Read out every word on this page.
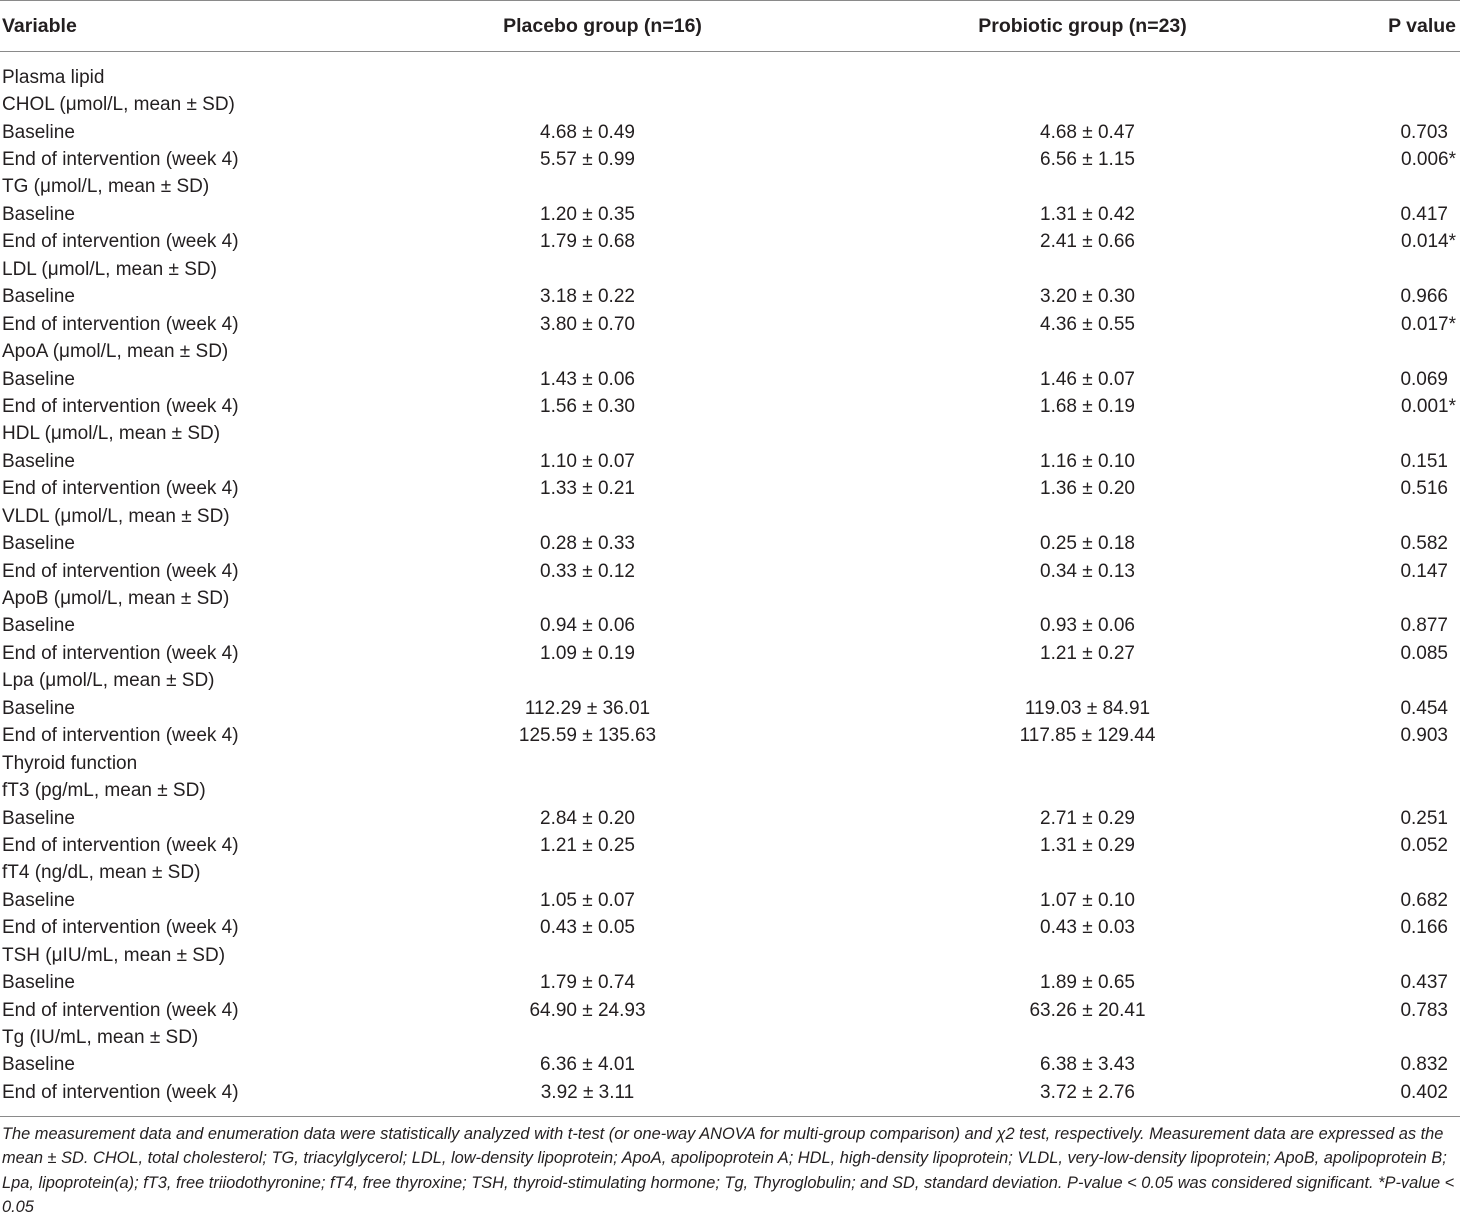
Variable	Placebo group (n=16)	Probiotic group (n=23)	P value
Plasma lipid
CHOL (μmol/L, mean ± SD)
Baseline	4.68 ± 0.49	4.68 ± 0.47	0.703
End of intervention (week 4)	5.57 ± 0.99	6.56 ± 1.15	0.006*
TG (μmol/L, mean ± SD)
Baseline	1.20 ± 0.35	1.31 ± 0.42	0.417
End of intervention (week 4)	1.79 ± 0.68	2.41 ± 0.66	0.014*
LDL (μmol/L, mean ± SD)
Baseline	3.18 ± 0.22	3.20 ± 0.30	0.966
End of intervention (week 4)	3.80 ± 0.70	4.36 ± 0.55	0.017*
ApoA (μmol/L, mean ± SD)
Baseline	1.43 ± 0.06	1.46 ± 0.07	0.069
End of intervention (week 4)	1.56 ± 0.30	1.68 ± 0.19	0.001*
HDL (μmol/L, mean ± SD)
Baseline	1.10 ± 0.07	1.16 ± 0.10	0.151
End of intervention (week 4)	1.33 ± 0.21	1.36 ± 0.20	0.516
VLDL (μmol/L, mean ± SD)
Baseline	0.28 ± 0.33	0.25 ± 0.18	0.582
End of intervention (week 4)	0.33 ± 0.12	0.34 ± 0.13	0.147
ApoB (μmol/L, mean ± SD)
Baseline	0.94 ± 0.06	0.93 ± 0.06	0.877
End of intervention (week 4)	1.09 ± 0.19	1.21 ± 0.27	0.085
Lpa (μmol/L, mean ± SD)
Baseline	112.29 ± 36.01	119.03 ± 84.91	0.454
End of intervention (week 4)	125.59 ± 135.63	117.85 ± 129.44	0.903
Thyroid function
fT3 (pg/mL, mean ± SD)
Baseline	2.84 ± 0.20	2.71 ± 0.29	0.251
End of intervention (week 4)	1.21 ± 0.25	1.31 ± 0.29	0.052
fT4 (ng/dL, mean ± SD)
Baseline	1.05 ± 0.07	1.07 ± 0.10	0.682
End of intervention (week 4)	0.43 ± 0.05	0.43 ± 0.03	0.166
TSH (μIU/mL, mean ± SD)
Baseline	1.79 ± 0.74	1.89 ± 0.65	0.437
End of intervention (week 4)	64.90 ± 24.93	63.26 ± 20.41	0.783
Tg (IU/mL, mean ± SD)
Baseline	6.36 ± 4.01	6.38 ± 3.43	0.832
End of intervention (week 4)	3.92 ± 3.11	3.72 ± 2.76	0.402
The measurement data and enumeration data were statistically analyzed with t-test (or one-way ANOVA for multi-group comparison) and χ2 test, respectively. Measurement data are expressed as the mean ± SD. CHOL, total cholesterol; TG, triacylglycerol; LDL, low-density lipoprotein; ApoA, apolipoprotein A; HDL, high-density lipoprotein; VLDL, very-low-density lipoprotein; ApoB, apolipoprotein B; Lpa, lipoprotein(a); fT3, free triiodothyronine; fT4, free thyroxine; TSH, thyroid-stimulating hormone; Tg, Thyroglobulin; and SD, standard deviation. P-value < 0.05 was considered significant. *P-value < 0.05
